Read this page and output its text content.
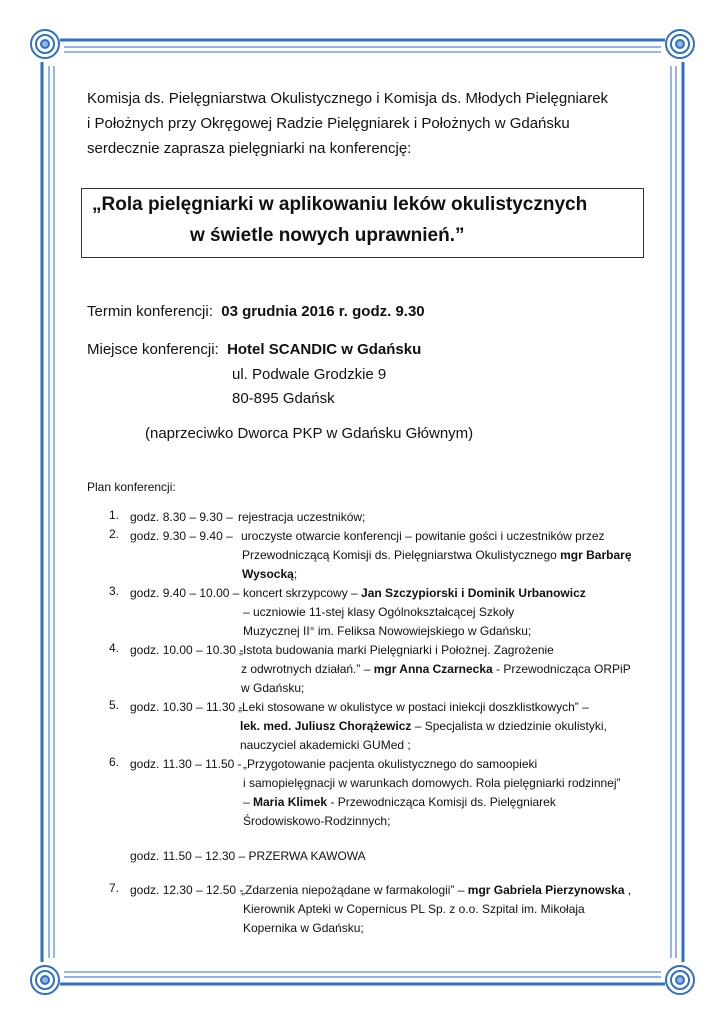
Komisja ds. Pielęgniarstwa Okulistycznego i Komisja ds. Młodych Pielęgniarek

i Położnych przy Okręgowej Radzie Pielęgniarek i Położnych w Gdańsku

serdecznie zaprasza pielęgniarki na konferencję:

„Rola pielęgniarki w aplikowaniu leków okulistycznych

w świetle nowych uprawnień.”

Termin konferencji: 03 grudnia 2016 r. godz. 9.30

Miejsce konferencji: Hotel SCANDIC w Gdańsku

ul. Podwale Grodzkie 9

80-895 Gdańsk

(naprzeciwko Dworca PKP w Gdańsku Głównym)

Plan konferencji:

1. godz. 8.30 – 9.30 – rejestracja uczestników;

2. godz. 9.30 – 9.40 – uroczyste otwarcie konferencji – powitanie gości i uczestników przez

Przewodniczącą Komisji ds. Pielęgniarstwa Okulistycznego mgr Barbarę

Wysocką;

3. godz. 9.40 – 10.00 – koncert skrzypcowy – Jan Szczypiorski i Dominik Urbanowicz

– uczniowie 11-stej klasy Ogólnokształcącej Szkoły

Muzycznej II° im. Feliksa Nowowiejskiego w Gdańsku;

4. godz. 10.00 – 10.30 -

„Istota budowania marki Pielęgniarki i Położnej. Zagrożenie

z odwrotnych działań.” – mgr Anna Czarnecka - Przewodnicząca ORPiP

w Gdańsku;

5. godz. 10.30 – 11.30 -

„Leki stosowane w okulistyce w postaci iniekcji doszklistkowych” –

lek. med. Juliusz Chorążewicz – Specjalista w dziedzinie okulistyki,

nauczyciel akademicki GUMed ;

6. godz. 11.30 – 11.50 - „Przygotowanie pacjenta okulistycznego do samoopieki

i samopielęgnacji w warunkach domowych. Rola pielęgniarki rodzinnej”

– Maria Klimek - Przewodnicząca Komisji ds. Pielęgniarek

Środowiskowo-Rodzinnych;

7. godz. 12.30 – 12.50 -

„Zdarzenia niepożądane w farmakologii” – mgr Gabriela Pierzynowska ,

Kierownik Apteki w Copernicus PL Sp. z o.o. Szpital im. Mikołaja

Kopernika w Gdańsku;

godz. 11.50 – 12.30 – PRZERWA KAWOWA
